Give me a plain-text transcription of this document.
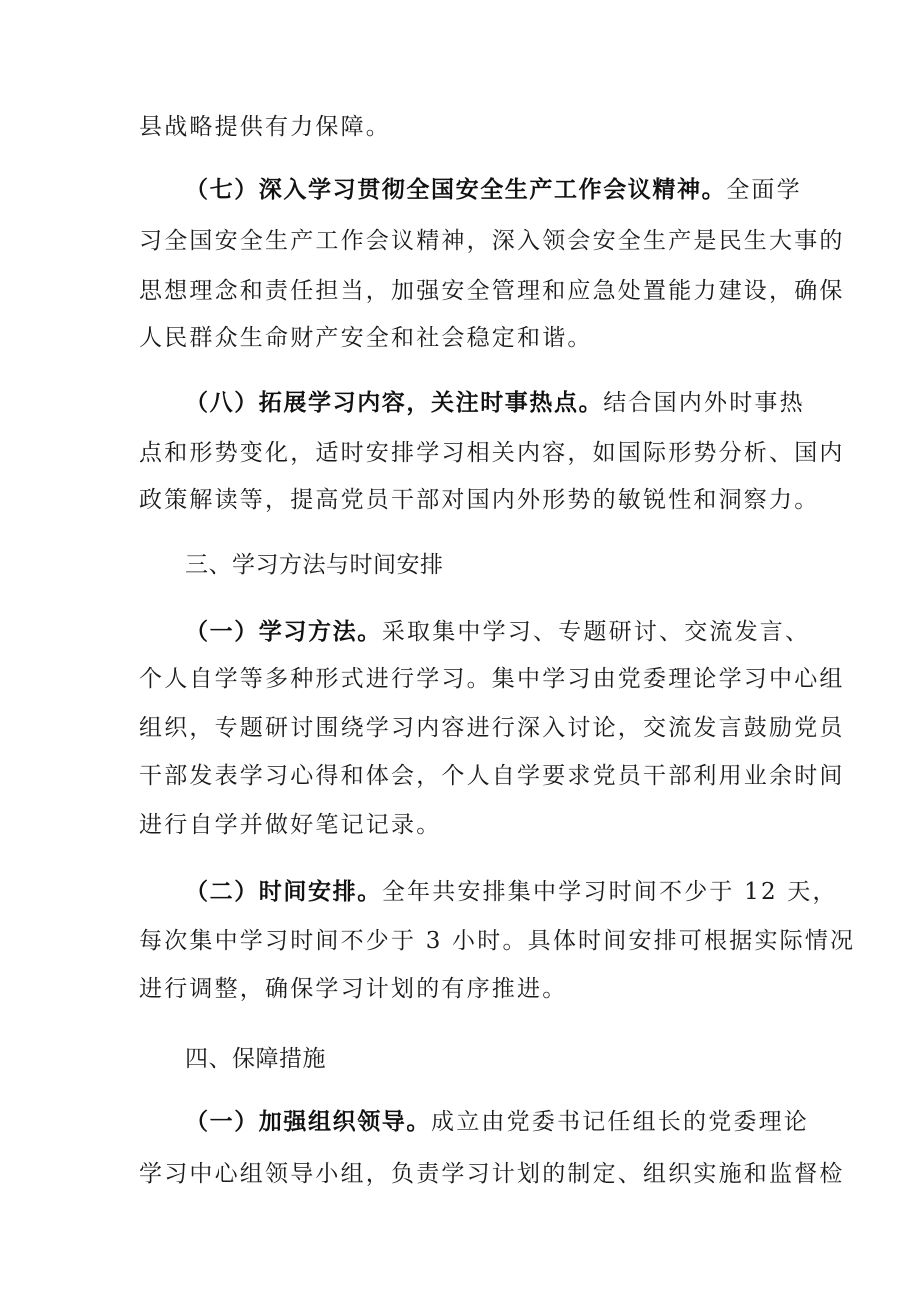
县战略提供有力保障。
（七）深入学习贯彻全国安全生产工作会议精神。全面学
习全国安全生产工作会议精神，深入领会安全生产是民生大事的
思想理念和责任担当，加强安全管理和应急处置能力建设，确保
人民群众生命财产安全和社会稳定和谐。
（八）拓展学习内容，关注时事热点。结合国内外时事热
点和形势变化，适时安排学习相关内容，如国际形势分析、国内
政策解读等，提高党员干部对国内外形势的敏锐性和洞察力。
三、学习方法与时间安排
（一）学习方法。采取集中学习、专题研讨、交流发言、
个人自学等多种形式进行学习。集中学习由党委理论学习中心组
组织，专题研讨围绕学习内容进行深入讨论，交流发言鼓励党员
干部发表学习心得和体会，个人自学要求党员干部利用业余时间
进行自学并做好笔记记录。
（二）时间安排。全年共安排集中学习时间不少于 12 天，
每次集中学习时间不少于 3 小时。具体时间安排可根据实际情况
进行调整，确保学习计划的有序推进。
四、保障措施
（一）加强组织领导。成立由党委书记任组长的党委理论
学习中心组领导小组，负责学习计划的制定、组织实施和监督检
